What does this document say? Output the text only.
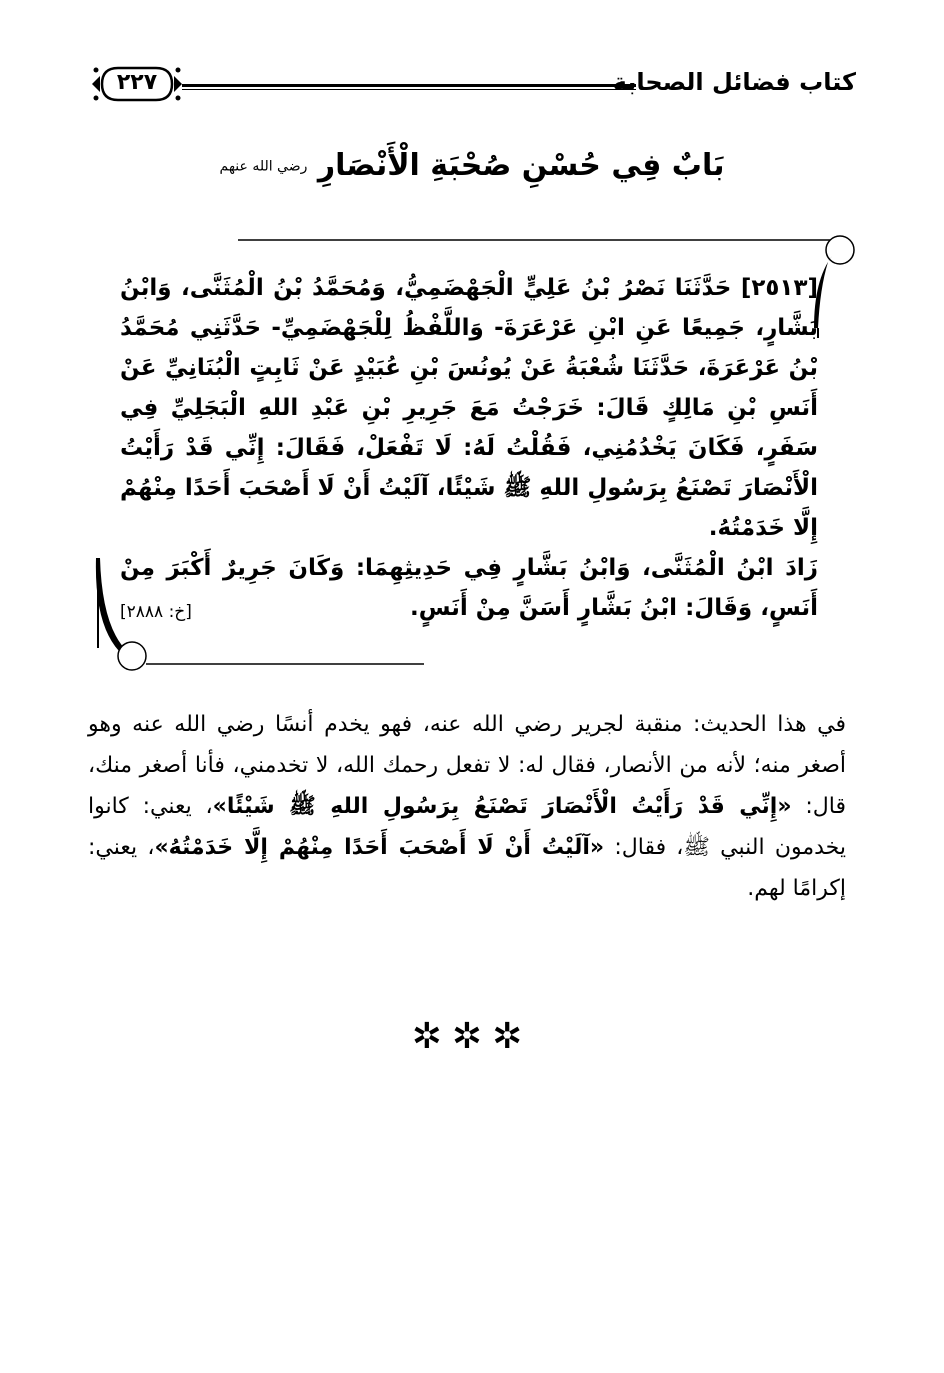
٢٢٧	كتاب فضائل الصحابة
بَابٌ فِي حُسْنِ صُحْبَةِ الْأَنْصَارِ رضي الله عنهم

[٢٥١٣] حَدَّثَنَا نَصْرُ بْنُ عَلِيٍّ الْجَهْضَمِيُّ، وَمُحَمَّدُ بْنُ الْمُثَنَّى، وَابْنُ بَشَّارٍ، جَمِيعًا عَنِ ابْنِ عَرْعَرَةَ- وَاللَّفْظُ لِلْجَهْضَمِيِّ- حَدَّثَنِي مُحَمَّدُ بْنُ عَرْعَرَةَ، حَدَّثَنَا شُعْبَةُ عَنْ يُونُسَ بْنِ عُبَيْدٍ عَنْ ثَابِتٍ الْبُنَانِيِّ عَنْ أَنَسِ بْنِ مَالِكٍ قَالَ: خَرَجْتُ مَعَ جَرِيرِ بْنِ عَبْدِ اللهِ الْبَجَلِيِّ فِي سَفَرٍ، فَكَانَ يَخْدُمُنِي، فَقُلْتُ لَهُ: لَا تَفْعَلْ، فَقَالَ: إِنِّي قَدْ رَأَيْتُ الْأَنْصَارَ تَصْنَعُ بِرَسُولِ اللهِ ﷺ شَيْئًا، آلَيْتُ أَنْ لَا أَصْحَبَ أَحَدًا مِنْهُمْ إِلَّا خَدَمْتُهُ.

زَادَ ابْنُ الْمُثَنَّى، وَابْنُ بَشَّارٍ فِي حَدِيثِهِمَا: وَكَانَ جَرِيرٌ أَكْبَرَ مِنْ أَنَسٍ، وَقَالَ: ابْنُ بَشَّارٍ أَسَنَّ مِنْ أَنَسٍ.
[خ: ٢٨٨٨]

في هذا الحديث: منقبة لجرير رضي الله عنه، فهو يخدم أنسًا رضي الله عنه وهو أصغر منه؛ لأنه من الأنصار، فقال له: لا تفعل رحمك الله، لا تخدمني، فأنا أصغر منك، قال: «إِنِّي قَدْ رَأَيْتُ الْأَنْصَارَ تَصْنَعُ بِرَسُولِ اللهِ ﷺ شَيْئًا»، يعني: كانوا يخدمون النبي ﷺ، فقال: «آلَيْتُ أَنْ لَا أَصْحَبَ أَحَدًا مِنْهُمْ إِلَّا خَدَمْتُهُ»، يعني: إكرامًا لهم.

✲✲✲
